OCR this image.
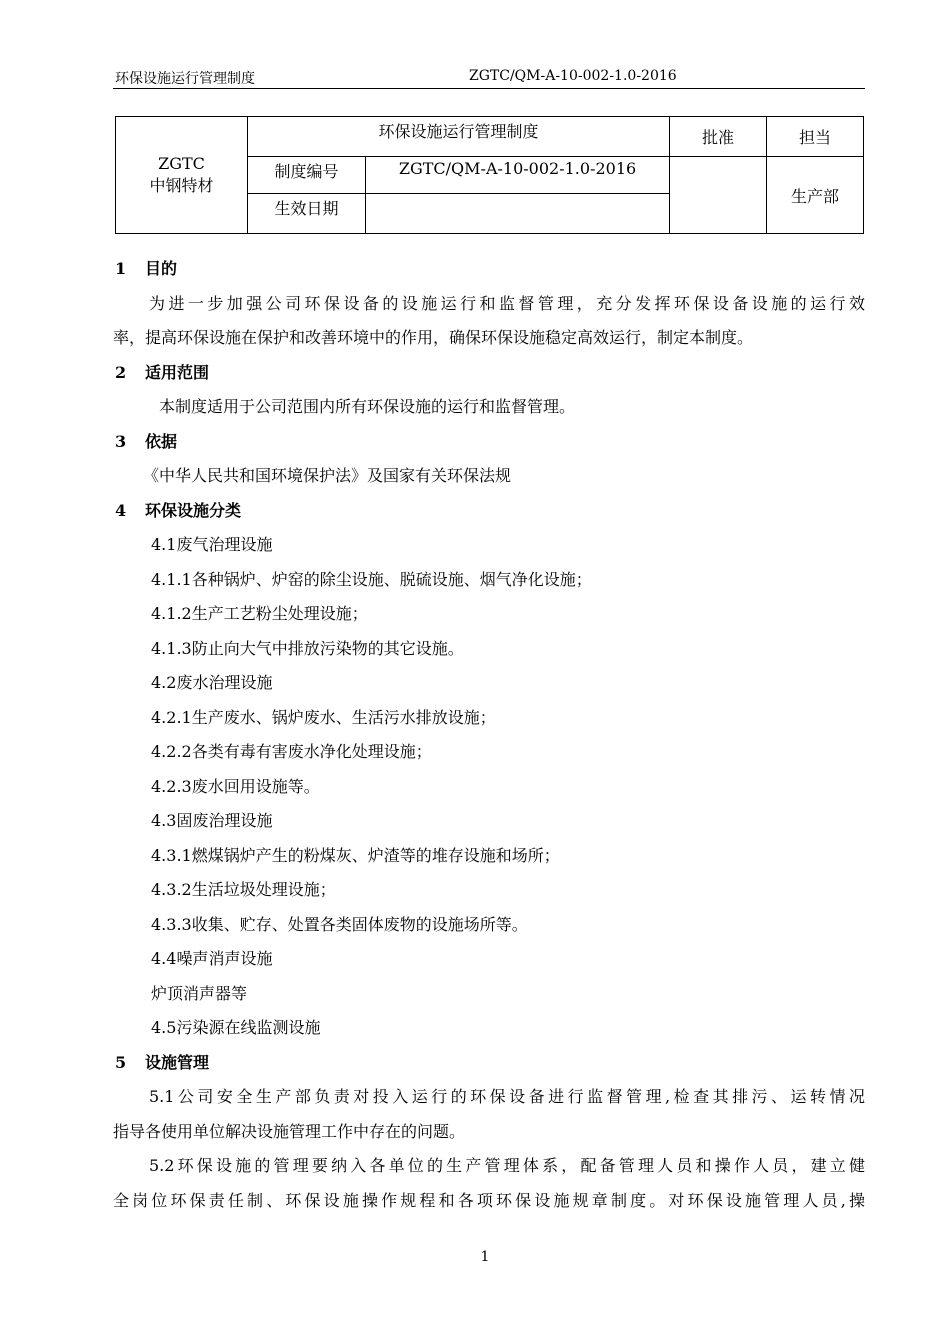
环保设施运行管理制度	ZGTC/QM-A-10-002-1.0-2016
ZGTC
中钢特材	环保设施运行管理制度		批准	担当
	制度编号	ZGTC/QM-A-10-002-1.0-2016		生产部
	生效日期			
1 目的
为进一步加强公司环保设备的设施运行和监督管理，充分发挥环保设备设施的运行效
率，提高环保设施在保护和改善环境中的作用，确保环保设施稳定高效运行，制定本制度。
2 适用范围
本制度适用于公司范围内所有环保设施的运行和监督管理。
3 依据
《中华人民共和国环境保护法》及国家有关环保法规
4 环保设施分类
4.1废气治理设施
4.1.1各种锅炉、炉窑的除尘设施、脱硫设施、烟气净化设施；
4.1.2生产工艺粉尘处理设施；
4.1.3防止向大气中排放污染物的其它设施。
4.2废水治理设施
4.2.1生产废水、锅炉废水、生活污水排放设施；
4.2.2各类有毒有害废水净化处理设施；
4.2.3废水回用设施等。
4.3固废治理设施
4.3.1燃煤锅炉产生的粉煤灰、炉渣等的堆存设施和场所；
4.3.2生活垃圾处理设施；
4.3.3收集、贮存、处置各类固体废物的设施场所等。
4.4噪声消声设施
炉顶消声器等
4.5污染源在线监测设施
5 设施管理
5.1公司安全生产部负责对投入运行的环保设备进行监督管理,检查其排污、运转情况
指导各使用单位解决设施管理工作中存在的问题。
5.2环保设施的管理要纳入各单位的生产管理体系，配备管理人员和操作人员，建立健
全岗位环保责任制、环保设施操作规程和各项环保设施规章制度。对环保设施管理人员,操
1
